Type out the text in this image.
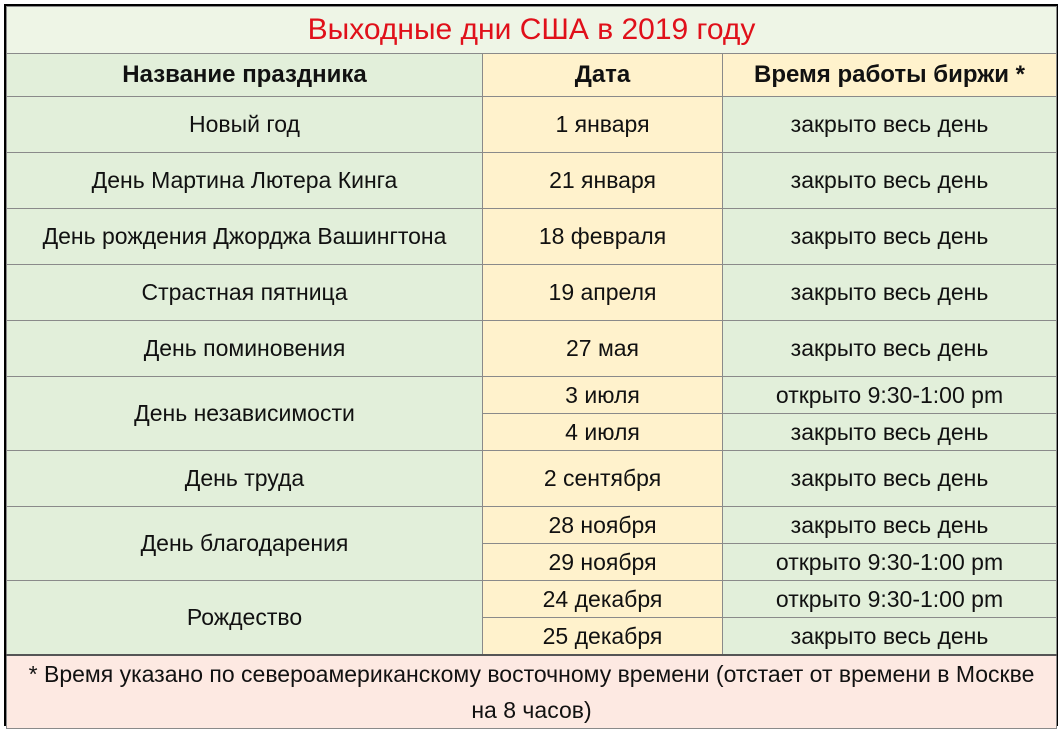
Выходные дни США в 2019 году		
Название праздника	Дата	Время работы биржи *
Новый год	1 января	закрыто весь день
День Мартина Лютера Кинга	21 января	закрыто весь день
День рождения Джорджа Вашингтона	18 февраля	закрыто весь день
Страстная пятница	19 апреля	закрыто весь день
День поминовения	27 мая	закрыто весь день
День независимости	3 июля	открыто 9:30-1:00 pm
	4 июля	закрыто весь день
День труда	2 сентября	закрыто весь день
День благодарения	28 ноября	закрыто весь день
	29 ноября	открыто 9:30-1:00 pm
Рождество	24 декабря	открыто 9:30-1:00 pm
	25 декабря	закрыто весь день
* Время указано по североамериканскому восточному времени (отстает от времени в Москве на 8 часов)		
